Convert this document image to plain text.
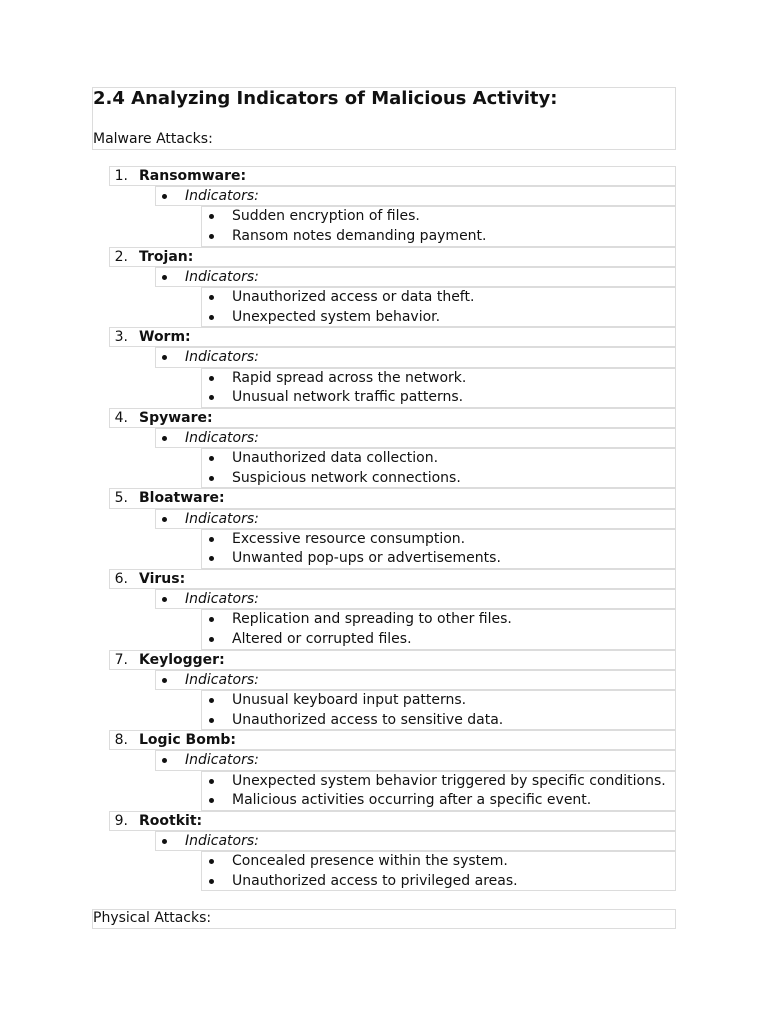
2.4 Analyzing Indicators of Malicious Activity:
Malware Attacks:
1. Ransomware:
Indicators:
Sudden encryption of files.
Ransom notes demanding payment.
2. Trojan:
Indicators:
Unauthorized access or data theft.
Unexpected system behavior.
3. Worm:
Indicators:
Rapid spread across the network.
Unusual network traffic patterns.
4. Spyware:
Indicators:
Unauthorized data collection.
Suspicious network connections.
5. Bloatware:
Indicators:
Excessive resource consumption.
Unwanted pop-ups or advertisements.
6. Virus:
Indicators:
Replication and spreading to other files.
Altered or corrupted files.
7. Keylogger:
Indicators:
Unusual keyboard input patterns.
Unauthorized access to sensitive data.
8. Logic Bomb:
Indicators:
Unexpected system behavior triggered by specific conditions.
Malicious activities occurring after a specific event.
9. Rootkit:
Indicators:
Concealed presence within the system.
Unauthorized access to privileged areas.
Physical Attacks:
